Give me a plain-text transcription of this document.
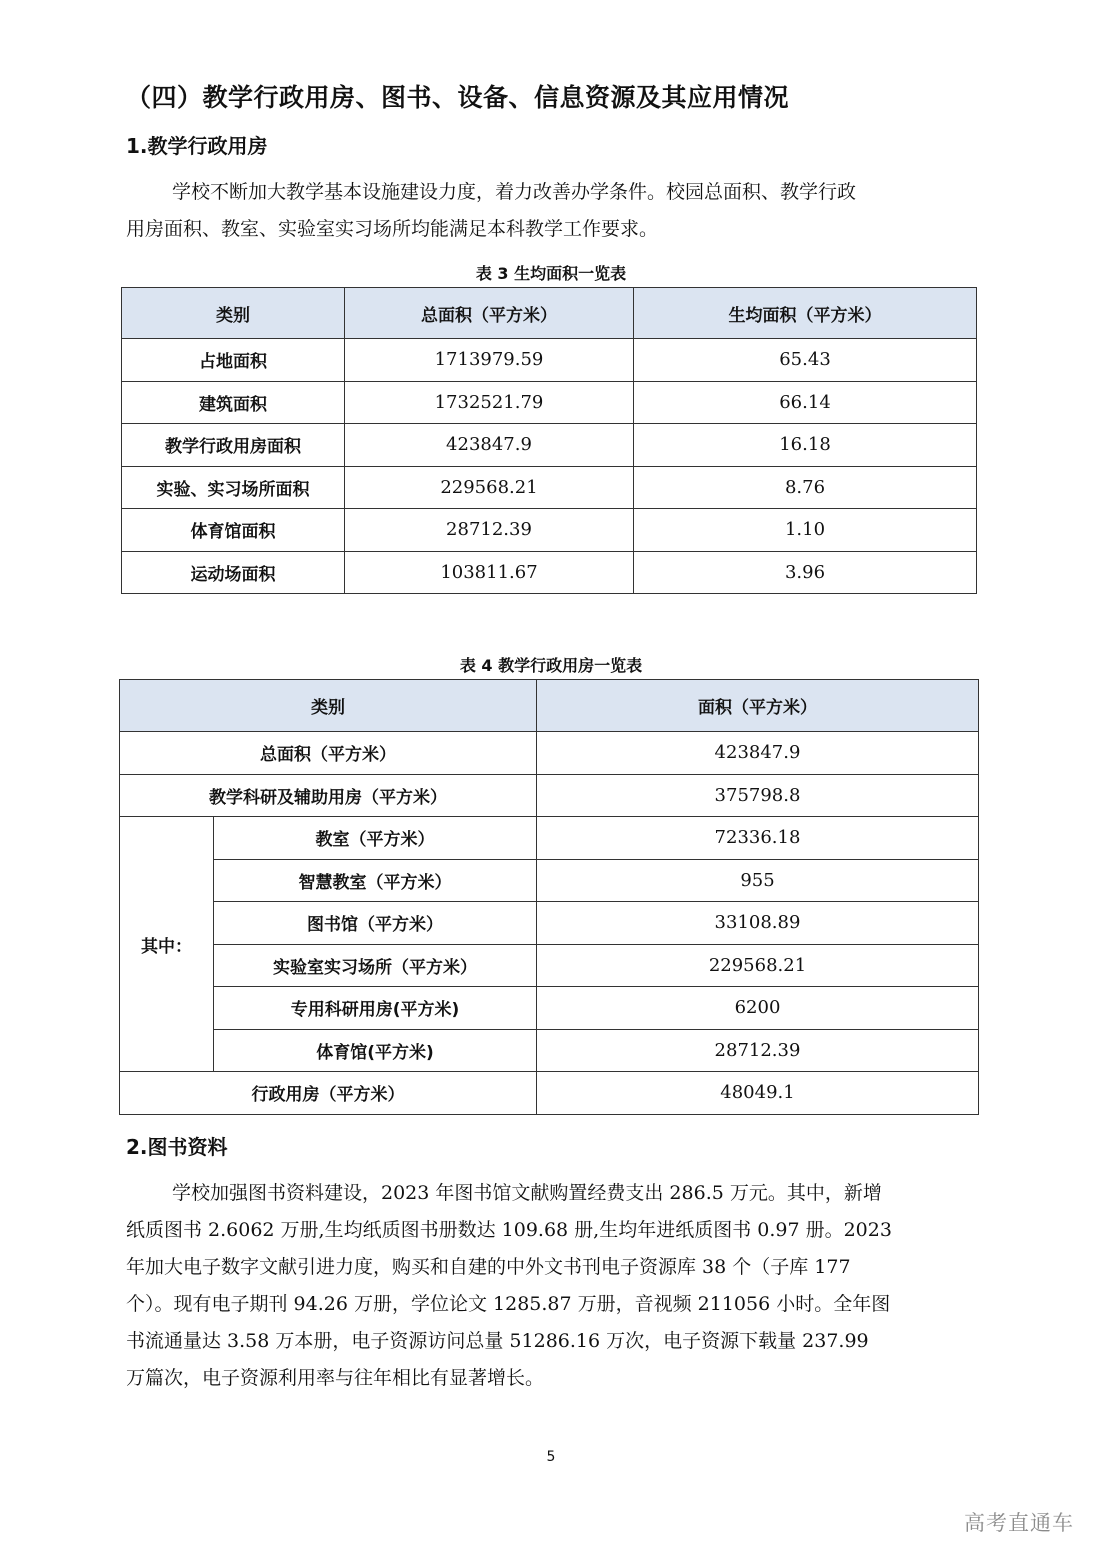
（四）教学行政用房、图书、设备、信息资源及其应用情况
1.教学行政用房
学校不断加大教学基本设施建设力度，着力改善办学条件。校园总面积、教学行政
用房面积、教室、实验室实习场所均能满足本科教学工作要求。
表 3 生均面积一览表
类别	总面积（平方米）	生均面积（平方米）
占地面积	1713979.59	65.43
建筑面积	1732521.79	66.14
教学行政用房面积	423847.9	16.18
实验、实习场所面积	229568.21	8.76
体育馆面积	28712.39	1.10
运动场面积	103811.67	3.96
表 4 教学行政用房一览表
类别		面积（平方米）
总面积（平方米）		423847.9
教学科研及辅助用房（平方米）		375798.8
其中：	教室（平方米）	72336.18
	智慧教室（平方米）	955
	图书馆（平方米）	33108.89
	实验室实习场所（平方米）	229568.21
	专用科研用房(平方米)	6200
	体育馆(平方米)	28712.39
行政用房（平方米）		48049.1
2.图书资料
学校加强图书资料建设，2023 年图书馆文献购置经费支出 286.5 万元。其中，新增
纸质图书 2.6062 万册,生均纸质图书册数达 109.68 册,生均年进纸质图书 0.97 册。2023
年加大电子数字文献引进力度，购买和自建的中外文书刊电子资源库 38 个（子库 177
个）。现有电子期刊 94.26 万册，学位论文 1285.87 万册，音视频 211056 小时。全年图
书流通量达 3.58 万本册，电子资源访问总量 51286.16 万次，电子资源下载量 237.99
万篇次，电子资源利用率与往年相比有显著增长。
5
高考直通车
